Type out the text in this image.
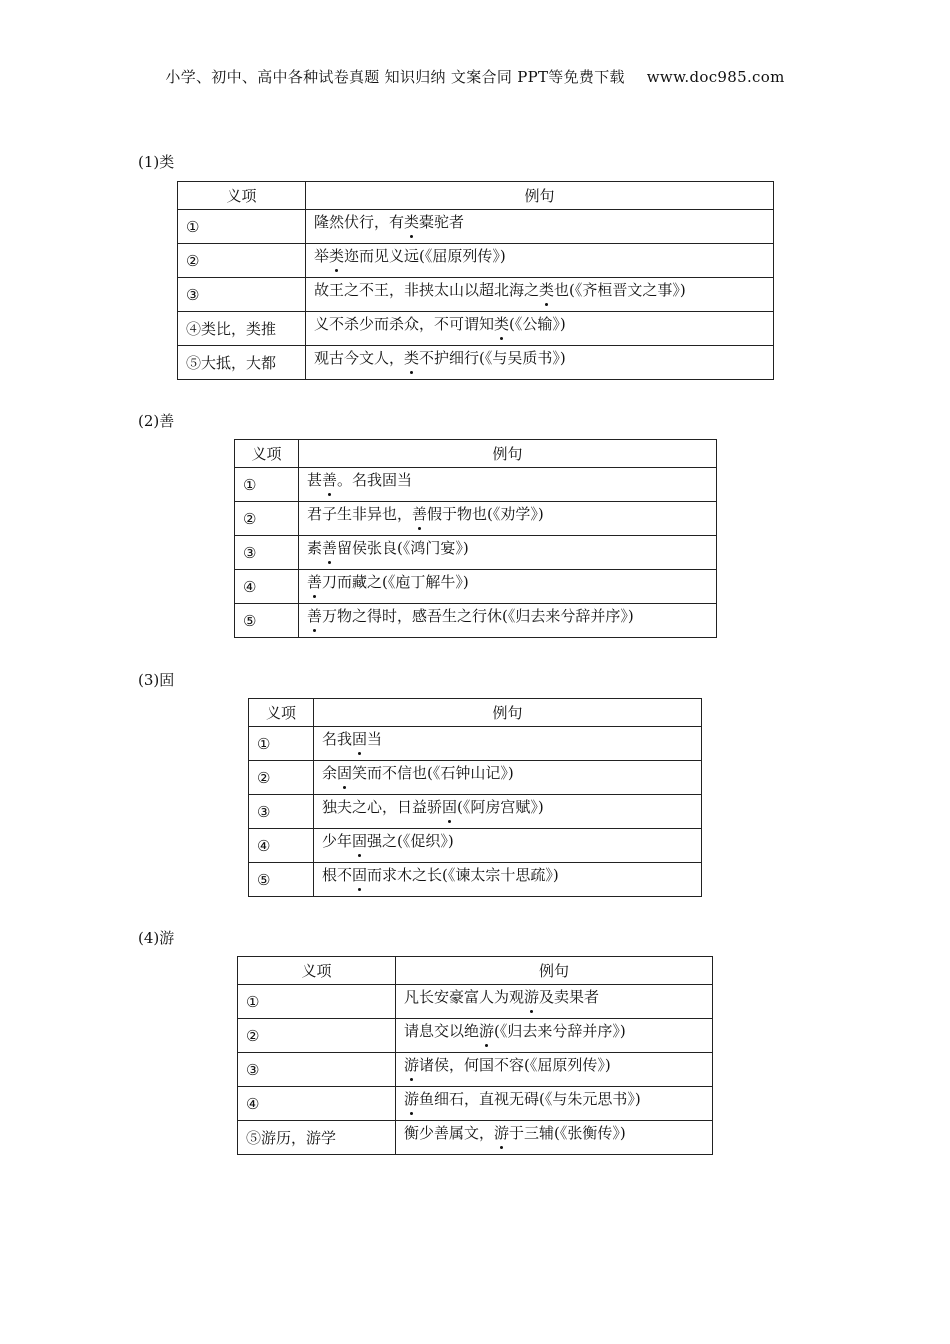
小学、初中、高中各种试卷真题 知识归纳 文案合同 PPT等免费下载 www.doc985.com
(1)类
义项	例句
①	隆然伏行，有类橐驼者
②	举类迩而见义远(《屈原列传》)
③	故王之不王，非挟太山以超北海之类也(《齐桓晋文之事》)
④类比，类推	义不杀少而杀众，不可谓知类(《公输》)
⑤大抵，大都	观古今文人，类不护细行(《与吴质书》)
(2)善
义项	例句
①	甚善。名我固当
②	君子生非异也，善假于物也(《劝学》)
③	素善留侯张良(《鸿门宴》)
④	善刀而藏之(《庖丁解牛》)
⑤	善万物之得时，感吾生之行休(《归去来兮辞并序》)
(3)固
义项	例句
①	名我固当
②	余固笑而不信也(《石钟山记》)
③	独夫之心，日益骄固(《阿房宫赋》)
④	少年固强之(《促织》)
⑤	根不固而求木之长(《谏太宗十思疏》)
(4)游
义项	例句
①	凡长安豪富人为观游及卖果者
②	请息交以绝游(《归去来兮辞并序》)
③	游诸侯，何国不容(《屈原列传》)
④	游鱼细石，直视无碍(《与朱元思书》)
⑤游历，游学	衡少善属文，游于三辅(《张衡传》)
